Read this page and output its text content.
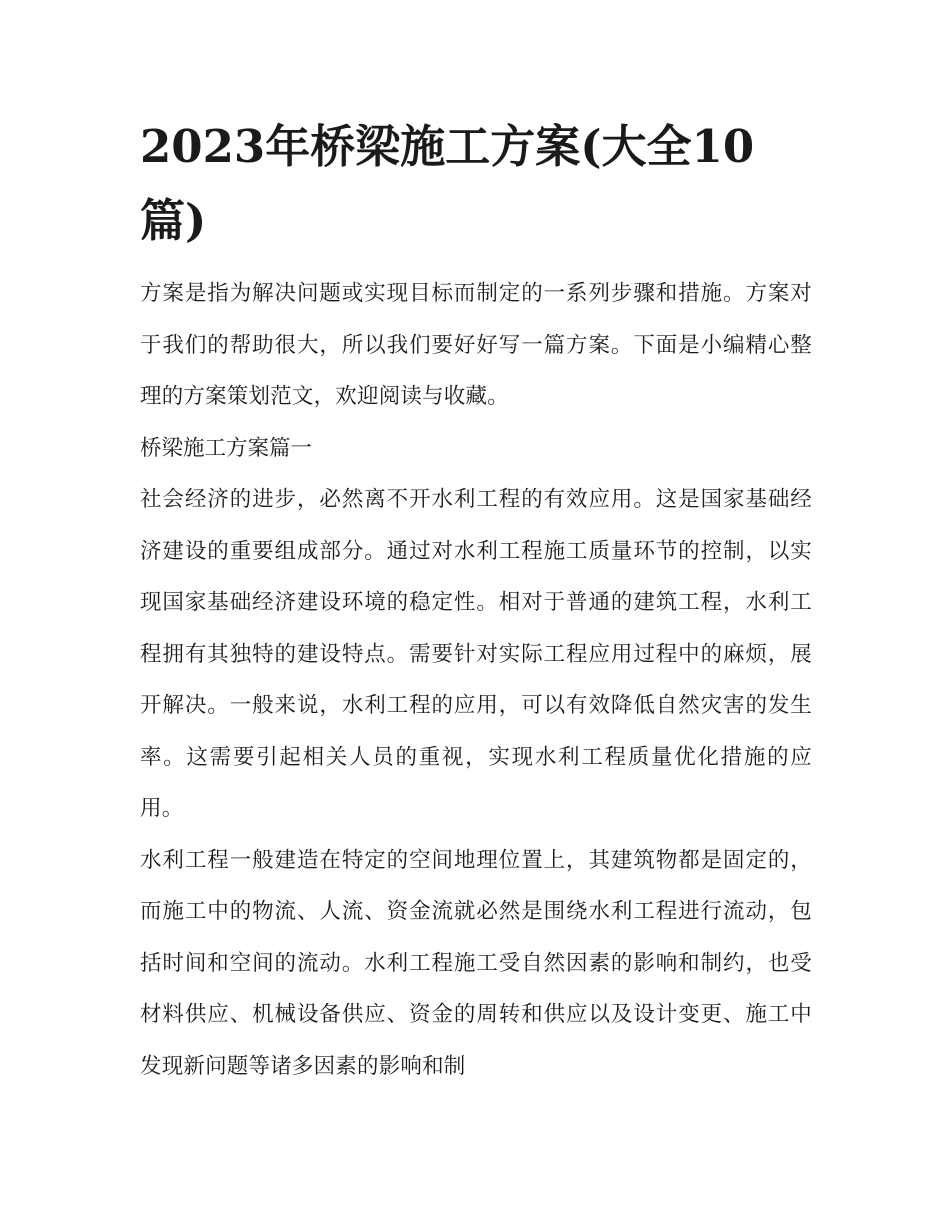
2023年桥梁施工方案(大全10篇)

方案是指为解决问题或实现目标而制定的一系列步骤和措施。方案对于我们的帮助很大，所以我们要好好写一篇方案。下面是小编精心整理的方案策划范文，欢迎阅读与收藏。

桥梁施工方案篇一

社会经济的进步，必然离不开水利工程的有效应用。这是国家基础经济建设的重要组成部分。通过对水利工程施工质量环节的控制，以实现国家基础经济建设环境的稳定性。相对于普通的建筑工程，水利工程拥有其独特的建设特点。需要针对实际工程应用过程中的麻烦，展开解决。一般来说，水利工程的应用，可以有效降低自然灾害的发生率。这需要引起相关人员的重视，实现水利工程质量优化措施的应用。

水利工程一般建造在特定的空间地理位置上，其建筑物都是固定的，而施工中的物流、人流、资金流就必然是围绕水利工程进行流动，包括时间和空间的流动。水利工程施工受自然因素的影响和制约，也受材料供应、机械设备供应、资金的周转和供应以及设计变更、施工中发现新问题等诸多因素的影响和制
